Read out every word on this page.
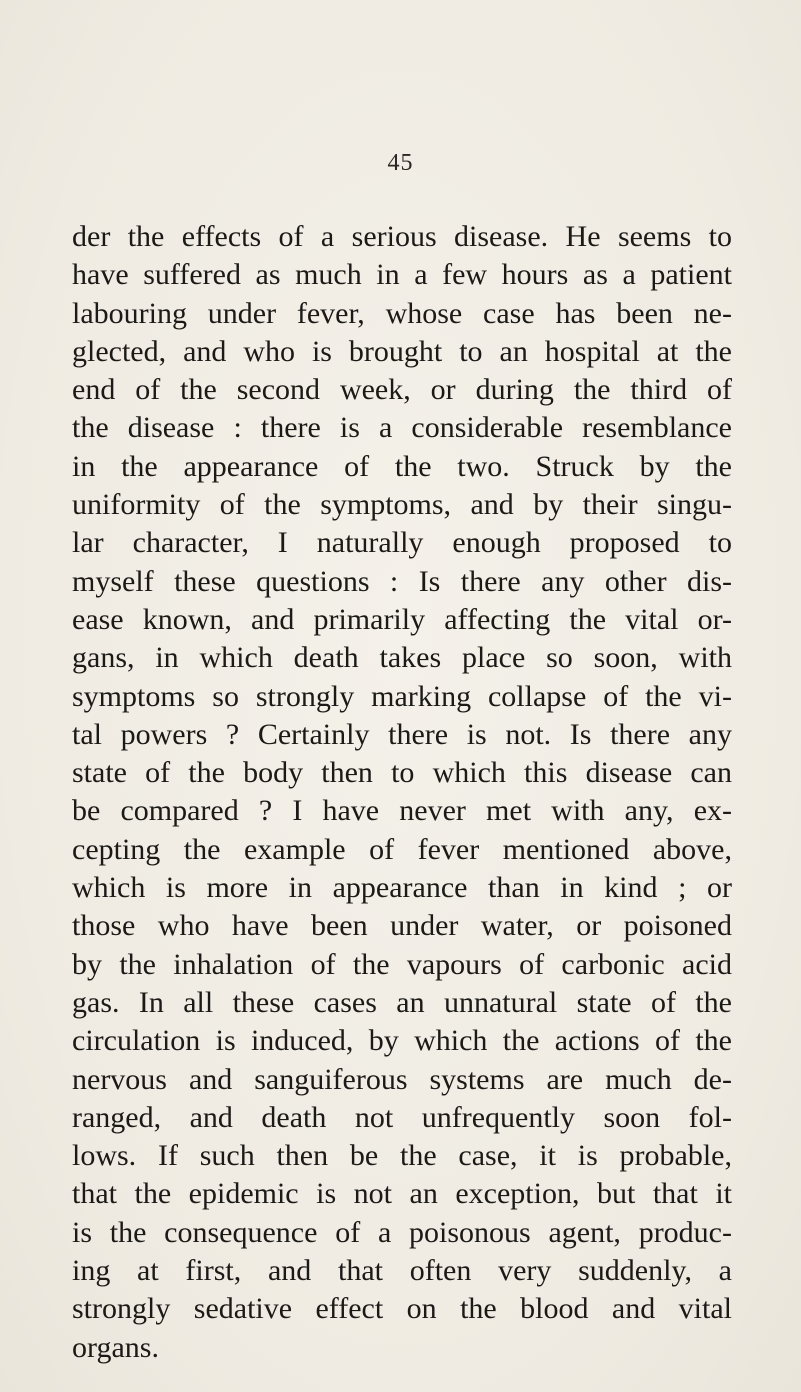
45
der the effects of a serious disease. He seems to
have suffered as much in a few hours as a patient
labouring under fever, whose case has been ne-
glected, and who is brought to an hospital at the
end of the second week, or during the third of
the disease : there is a considerable resemblance
in the appearance of the two. Struck by the
uniformity of the symptoms, and by their singu-
lar character, I naturally enough proposed to
myself these questions : Is there any other dis-
ease known, and primarily affecting the vital or-
gans, in which death takes place so soon, with
symptoms so strongly marking collapse of the vi-
tal powers ? Certainly there is not. Is there any
state of the body then to which this disease can
be compared ? I have never met with any, ex-
cepting the example of fever mentioned above,
which is more in appearance than in kind ; or
those who have been under water, or poisoned
by the inhalation of the vapours of carbonic acid
gas. In all these cases an unnatural state of the
circulation is induced, by which the actions of the
nervous and sanguiferous systems are much de-
ranged, and death not unfrequently soon fol-
lows. If such then be the case, it is probable,
that the epidemic is not an exception, but that it
is the consequence of a poisonous agent, produc-
ing at first, and that often very suddenly, a
strongly sedative effect on the blood and vital
organs.
